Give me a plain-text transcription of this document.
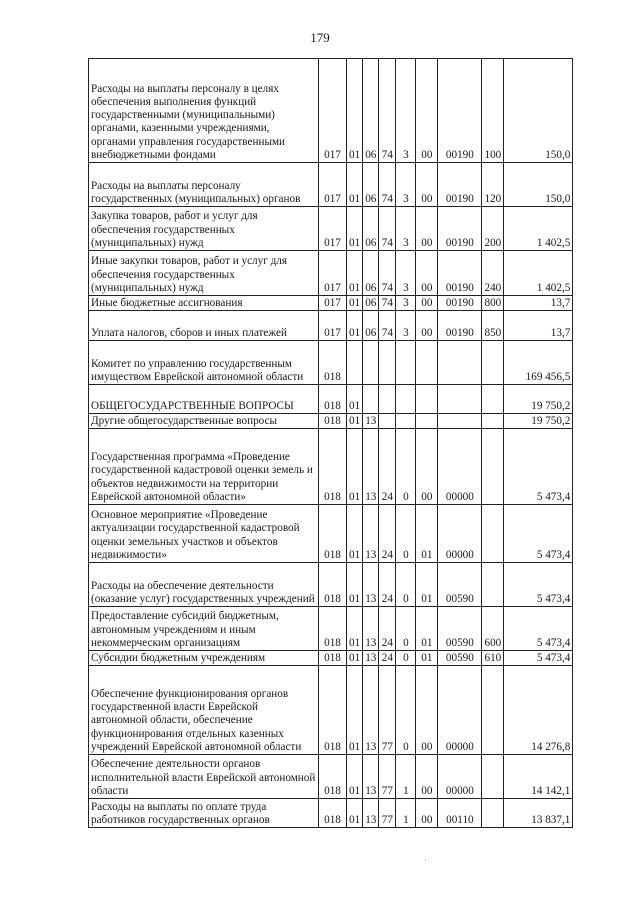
179
Расходы на выплаты персоналу в целях обеспечения выполнения функций государственными (муниципальными) органами, казенными учреждениями, органами управления государственными внебюджетными фондами	017	01	06	74	3	00	00190	100	150,0
Расходы на выплаты персоналу государственных (муниципальных) органов	017	01	06	74	3	00	00190	120	150,0
Закупка товаров, работ и услуг для обеспечения государственных (муниципальных) нужд	017	01	06	74	3	00	00190	200	1 402,5
Иные закупки товаров, работ и услуг для обеспечения государственных (муниципальных) нужд	017	01	06	74	3	00	00190	240	1 402,5
Иные бюджетные ассигнования	017	01	06	74	3	00	00190	800	13,7
Уплата налогов, сборов и иных платежей	017	01	06	74	3	00	00190	850	13,7
Комитет по управлению государственным имуществом Еврейской автономной области	018								169 456,5
ОБЩЕГОСУДАРСТВЕННЫЕ ВОПРОСЫ	018	01							19 750,2
Другие общегосударственные вопросы	018	01	13						19 750,2
Государственная программа «Проведение государственной кадастровой оценки земель и объектов недвижимости на территории Еврейской автономной области»	018	01	13	24	0	00	00000		5 473,4
Основное мероприятие «Проведение актуализации государственной кадастровой оценки земельных участков и объектов недвижимости»	018	01	13	24	0	01	00000		5 473,4
Расходы на обеспечение деятельности (оказание услуг) государственных учреждений	018	01	13	24	0	01	00590		5 473,4
Предоставление субсидий бюджетным, автономным учреждениям и иным некоммерческим организациям	018	01	13	24	0	01	00590	600	5 473,4
Субсидии бюджетным учреждениям	018	01	13	24	0	01	00590	610	5 473,4
Обеспечение функционирования органов государственной власти Еврейской автономной области, обеспечение функционирования отдельных казенных учреждений Еврейской автономной области	018	01	13	77	0	00	00000		14 276,8
Обеспечение деятельности органов исполнительной власти Еврейской автономной области	018	01	13	77	1	00	00000		14 142,1
Расходы на выплаты по оплате труда работников государственных органов	018	01	13	77	1	00	00110		13 837,1
